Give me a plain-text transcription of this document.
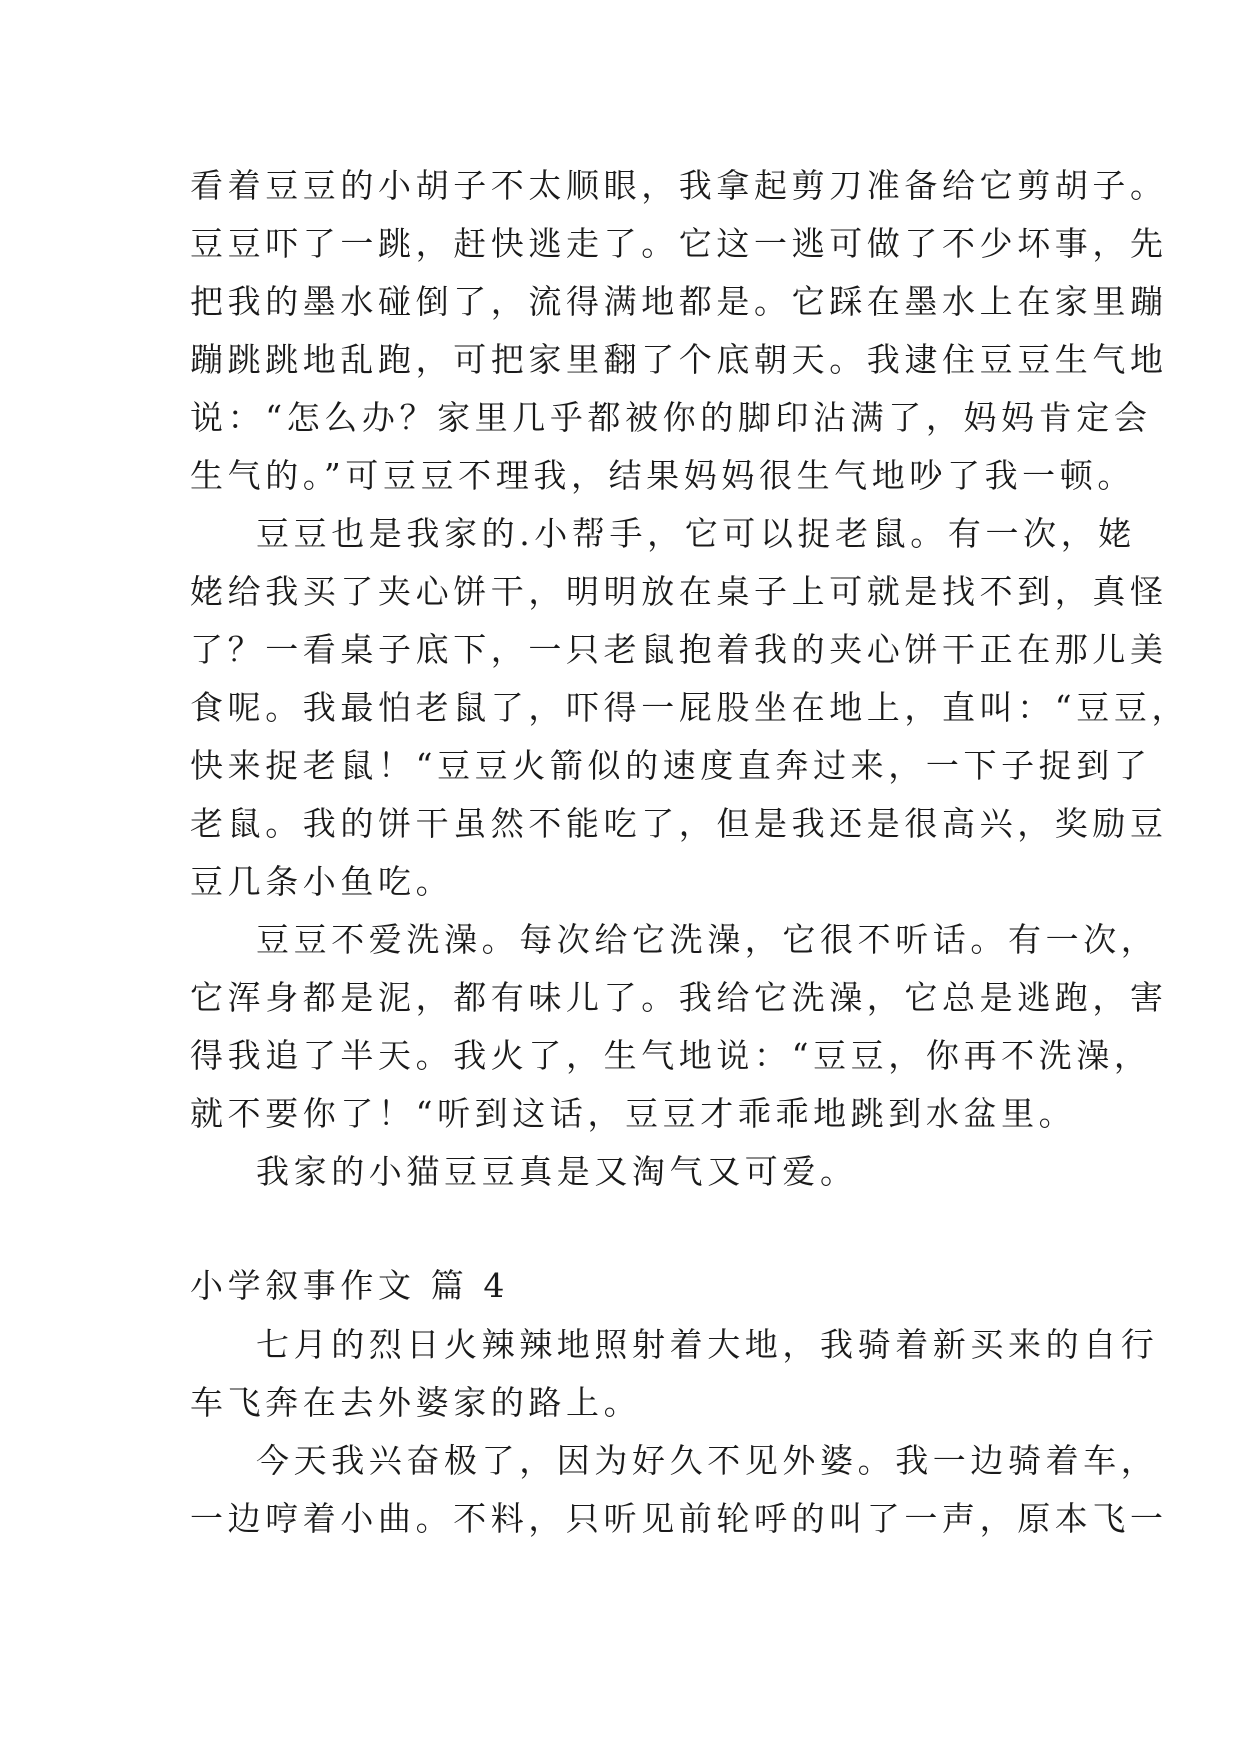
看着豆豆的小胡子不太顺眼，我拿起剪刀准备给它剪胡子。
豆豆吓了一跳，赶快逃走了。它这一逃可做了不少坏事，先
把我的墨水碰倒了，流得满地都是。它踩在墨水上在家里蹦
蹦跳跳地乱跑，可把家里翻了个底朝天。我逮住豆豆生气地
说：“怎么办？家里几乎都被你的脚印沾满了，妈妈肯定会
生气的。”可豆豆不理我，结果妈妈很生气地吵了我一顿。
豆豆也是我家的.小帮手，它可以捉老鼠。有一次，姥
姥给我买了夹心饼干，明明放在桌子上可就是找不到，真怪
了？一看桌子底下，一只老鼠抱着我的夹心饼干正在那儿美
食呢。我最怕老鼠了，吓得一屁股坐在地上，直叫：“豆豆，
快来捉老鼠！“豆豆火箭似的速度直奔过来，一下子捉到了
老鼠。我的饼干虽然不能吃了，但是我还是很高兴，奖励豆
豆几条小鱼吃。
豆豆不爱洗澡。每次给它洗澡，它很不听话。有一次，
它浑身都是泥，都有味儿了。我给它洗澡，它总是逃跑，害
得我追了半天。我火了，生气地说：“豆豆，你再不洗澡，
就不要你了！“听到这话，豆豆才乖乖地跳到水盆里。
我家的小猫豆豆真是又淘气又可爱。
小学叙事作文 篇 4
七月的烈日火辣辣地照射着大地，我骑着新买来的自行
车飞奔在去外婆家的路上。
今天我兴奋极了，因为好久不见外婆。我一边骑着车，
一边哼着小曲。不料，只听见前轮呼的叫了一声，原本飞一
